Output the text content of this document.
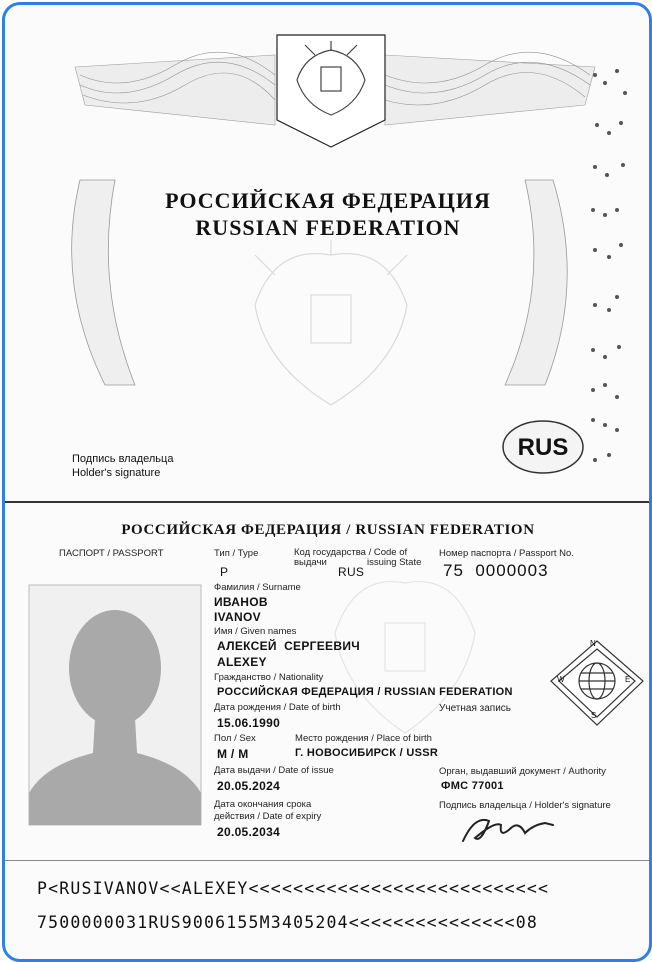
РОССИЙСКАЯ ФЕДЕРАЦИЯ
RUSSIAN FEDERATION
Подпись владельца
Holder's signature
RUS
РОССИЙСКАЯ ФЕДЕРАЦИЯ / RUSSIAN FEDERATION
ПАСПОРТ / PASSPORT	Тип / Type
P
Код государства / Code of
выдачи	issuing State
RUS
Номер паспорта / Passport No.
75  0000003
Фамилия / Surname
ИВАНОВ
IVANOV
Имя / Given names
АЛЕКСЕЙ  СЕРГЕЕВИЧ
ALEXEY
Гражданство / Nationality
РОССИЙСКАЯ ФЕДЕРАЦИЯ / RUSSIAN FEDERATION
Дата рождения / Date of birth
15.06.1990
Учетная запись
Пол / Sex
M / M
Место рождения / Place of birth
Г. НОВОСИБИРСК / USSR
Дата выдачи / Date of issue
20.05.2024
Орган, выдавший документ / Authority
ФМС 77001
Дата окончания срока
действия / Date of expiry
20.05.2034
Подпись владельца / Holder's signature
N
S
E
W
P<RUSIVANOV<<ALEXEY<<<<<<<<<<<<<<<<<<<<<<<<<<<
7500000031RUS9006155M3405204<<<<<<<<<<<<<<<08
